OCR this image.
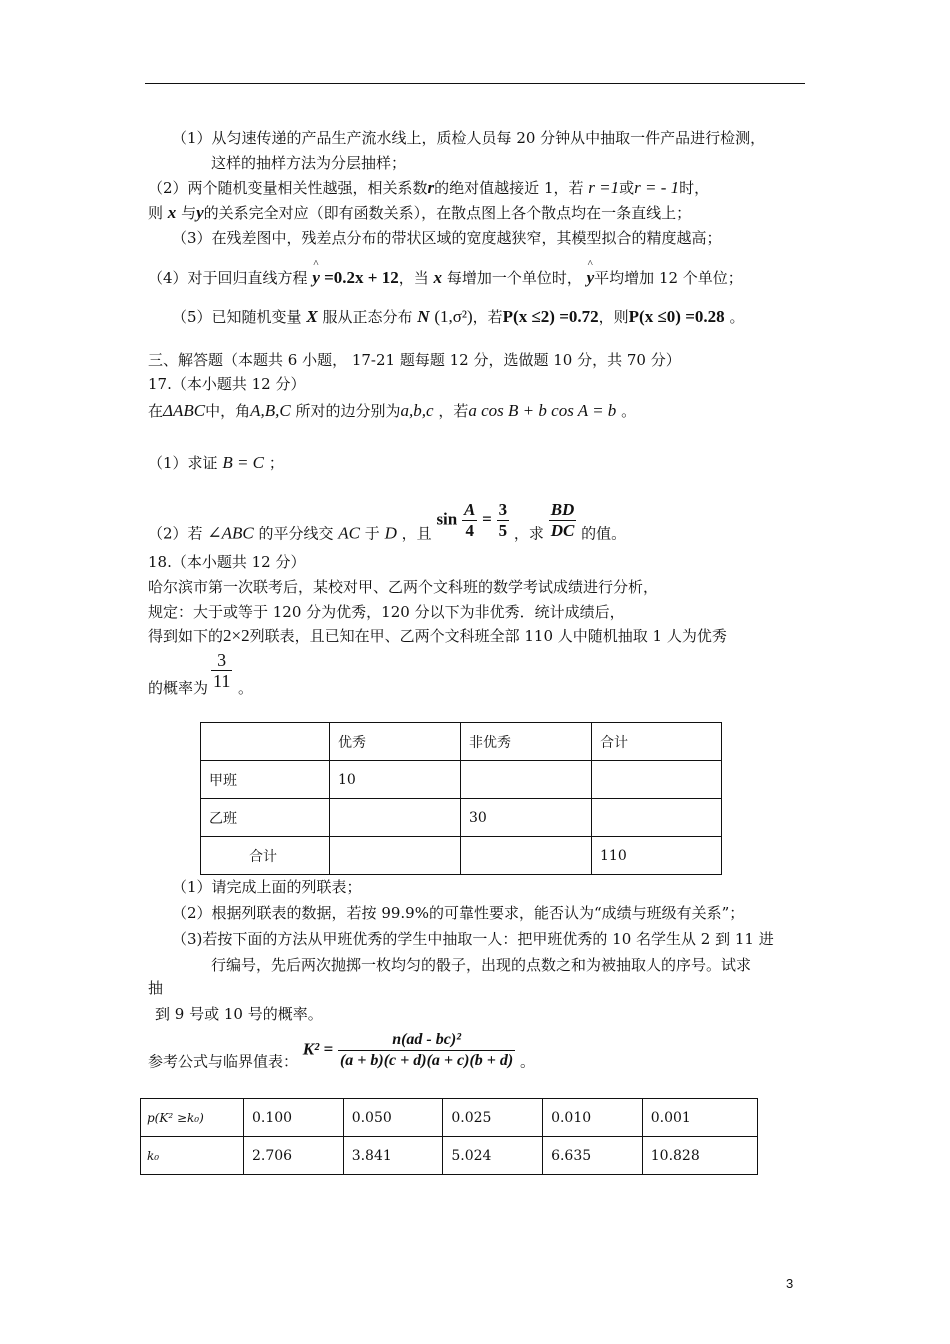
（1）从匀速传递的产品生产流水线上，质检人员每 20 分钟从中抽取一件产品进行检测，
这样的抽样方法为分层抽样；
（2）两个随机变量相关性越强，相关系数r的绝对值越接近 1，若 r =1或r = - 1时，
则 x 与y的关系完全对应（即有函数关系），在散点图上各个散点均在一条直线上；
（3）在残差图中，残差点分布的带状区域的宽度越狭窄，其模型拟合的精度越高；
（4）对于回归直线方程 ^ y =0.2x + 12，当 x 每增加一个单位时， ^ y平均增加 12 个单位；
（5）已知随机变量 X 服从正态分布 N (1,σ²)，若P(x ≤2) =0.72，则P(x ≤0) =0.28 。
三、解答题（本题共 6 小题， 17-21 题每题 12 分，选做题 10 分，共 70 分）
17.（本小题共 12 分）
在ΔABC中，角A,B,C 所对的边分别为a,b,c ，若a cos B + b cos A = b 。
（1）求证 B = C ；
（2）若 ∠ABC 的平分线交 AC 于 D ，且 $\sin \frac{A}{4} = \frac{3}{5}$ ，求 $\frac{BD}{DC}$ 的值。
18.（本小题共 12 分）
哈尔滨市第一次联考后，某校对甲、乙两个文科班的数学考试成绩进行分析，
规定：大于或等于 120 分为优秀，120 分以下为非优秀．统计成绩后，
得到如下的2×2列联表，且已知在甲、乙两个文科班全部 110 人中随机抽取 1 人为优秀
$\frac{3}{11}$
的概率为 。
	优秀	非优秀	合计
甲班	10		
乙班		30	
合计			110
（1）请完成上面的列联表；
（2）根据列联表的数据，若按 99.9%的可靠性要求，能否认为“成绩与班级有关系”；
（3)若按下面的方法从甲班优秀的学生中抽取一人：把甲班优秀的 10 名学生从 2 到 11 进
行编号，先后两次抛掷一枚均匀的骰子，出现的点数之和为被抽取人的序号。试求
抽
到 9 号或 10 号的概率。
参考公式与临界值表： $K^2 = \frac{\text{n(ad - bc)²}}{(a + b)(c + d)(a + c)(b + d)}$ 。
p(K² ≥k₀)	0.100	0.050	0.025	0.010	0.001
k₀	2.706	3.841	5.024	6.635	10.828
3
